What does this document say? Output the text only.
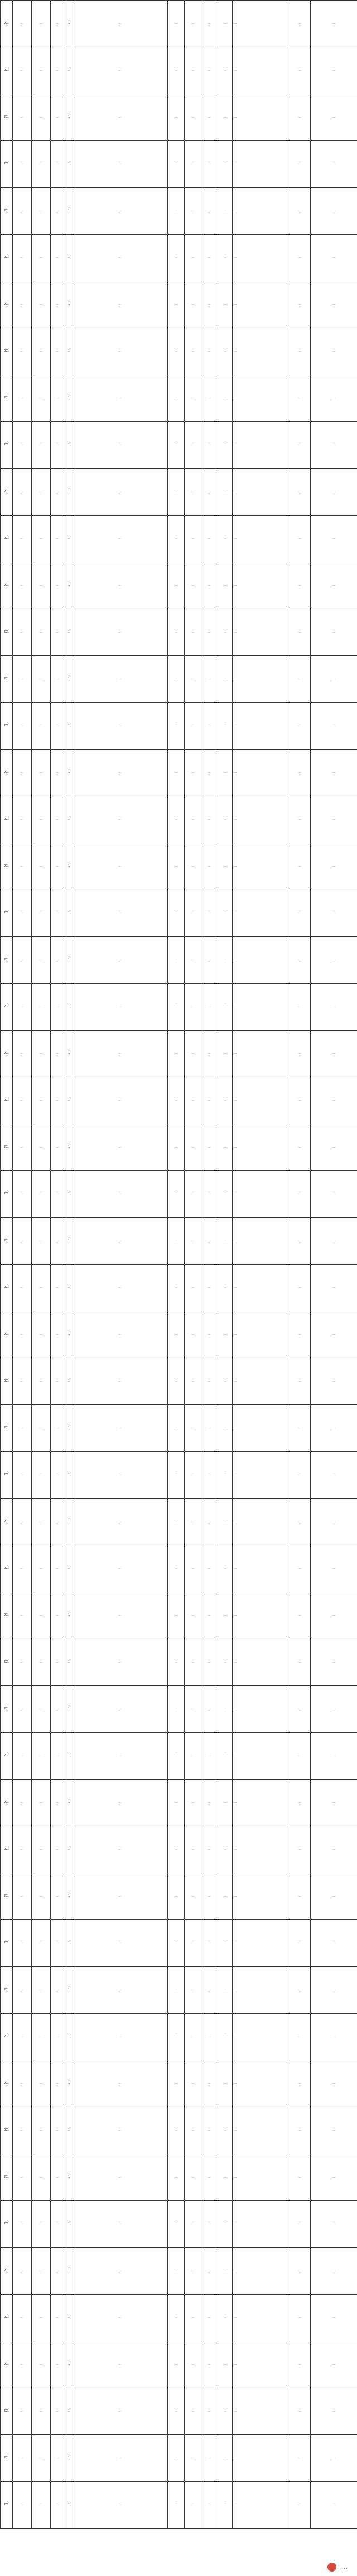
201	…	…	…	1	…	…	…	…	…	…	…	…
201	…	…	…	1	…	…	…	…	…	…	…	…
201	…	…	…	1	…	…	…	…	…	…	…	…
201	…	…	…	1	…	…	…	…	…	…	…	…
201	…	…	…	1	…	…	…	…	…	…	…	…
201	…	…	…	1	…	…	…	…	…	…	…	…
201	…	…	…	1	…	…	…	…	…	…	…	…
201	…	…	…	1	…	…	…	…	…	…	…	…
201	…	…	…	1	…	…	…	…	…	…	…	…
201	…	…	…	1	…	…	…	…	…	…	…	…
201	…	…	…	1	…	…	…	…	…	…	…	…
201	…	…	…	1	…	…	…	…	…	…	…	…
201	…	…	…	1	…	…	…	…	…	…	…	…
201	…	…	…	1	…	…	…	…	…	…	…	…
201	…	…	…	1	…	…	…	…	…	…	…	…
201	…	…	…	1	…	…	…	…	…	…	…	…
201	…	…	…	1	…	…	…	…	…	…	…	…
201	…	…	…	1	…	…	…	…	…	…	…	…
201	…	…	…	1	…	…	…	…	…	…	…	…
201	…	…	…	1	…	…	…	…	…	…	…	…
201	…	…	…	1	…	…	…	…	…	…	…	…
201	…	…	…	1	…	…	…	…	…	…	…	…
201	…	…	…	1	…	…	…	…	…	…	…	…
201	…	…	…	1	…	…	…	…	…	…	…	…
201	…	…	…	1	…	…	…	…	…	…	…	…
201	…	…	…	1	…	…	…	…	…	…	…	…
201	…	…	…	1	…	…	…	…	…	…	…	…
201	…	…	…	1	…	…	…	…	…	…	…	…
201	…	…	…	1	…	…	…	…	…	…	…	…
201	…	…	…	1	…	…	…	…	…	…	…	…
201	…	…	…	1	…	…	…	…	…	…	…	…
201	…	…	…	1	…	…	…	…	…	…	…	…
201	…	…	…	1	…	…	…	…	…	…	…	…
201	…	…	…	1	…	…	…	…	…	…	…	…
201	…	…	…	1	…	…	…	…	…	…	…	…
201	…	…	…	1	…	…	…	…	…	…	…	…
201	…	…	…	1	…	…	…	…	…	…	…	…
201	…	…	…	1	…	…	…	…	…	…	…	…
201	…	…	…	1	…	…	…	…	…	…	…	…
201	…	…	…	1	…	…	…	…	…	…	…	…
201	…	…	…	1	…	…	…	…	…	…	…	…
201	…	…	…	1	…	…	…	…	…	…	…	…
201	…	…	…	1	…	…	…	…	…	…	…	…
201	…	…	…	1	…	…	…	…	…	…	…	…
201	…	…	…	1	…	…	…	…	…	…	…	…
201	…	…	…	1	…	…	…	…	…	…	…	…
201	…	…	…	1	…	…	…	…	…	…	…	…
201	…	…	…	1	…	…	…	…	…	…	…	…
201	…	…	…	1	…	…	…	…	…	…	…	…
201	…	…	…	1	…	…	…	…	…	…	…	…
201	…	…	…	1	…	…	…	…	…	…	…	…
201	…	…	…	1	…	…	…	…	…	…	…	…
201	…	…	…	1	…	…	…	…	…	…	…	…
201	…	…	…	1	…	…	…	…	…	…	…	…
…
